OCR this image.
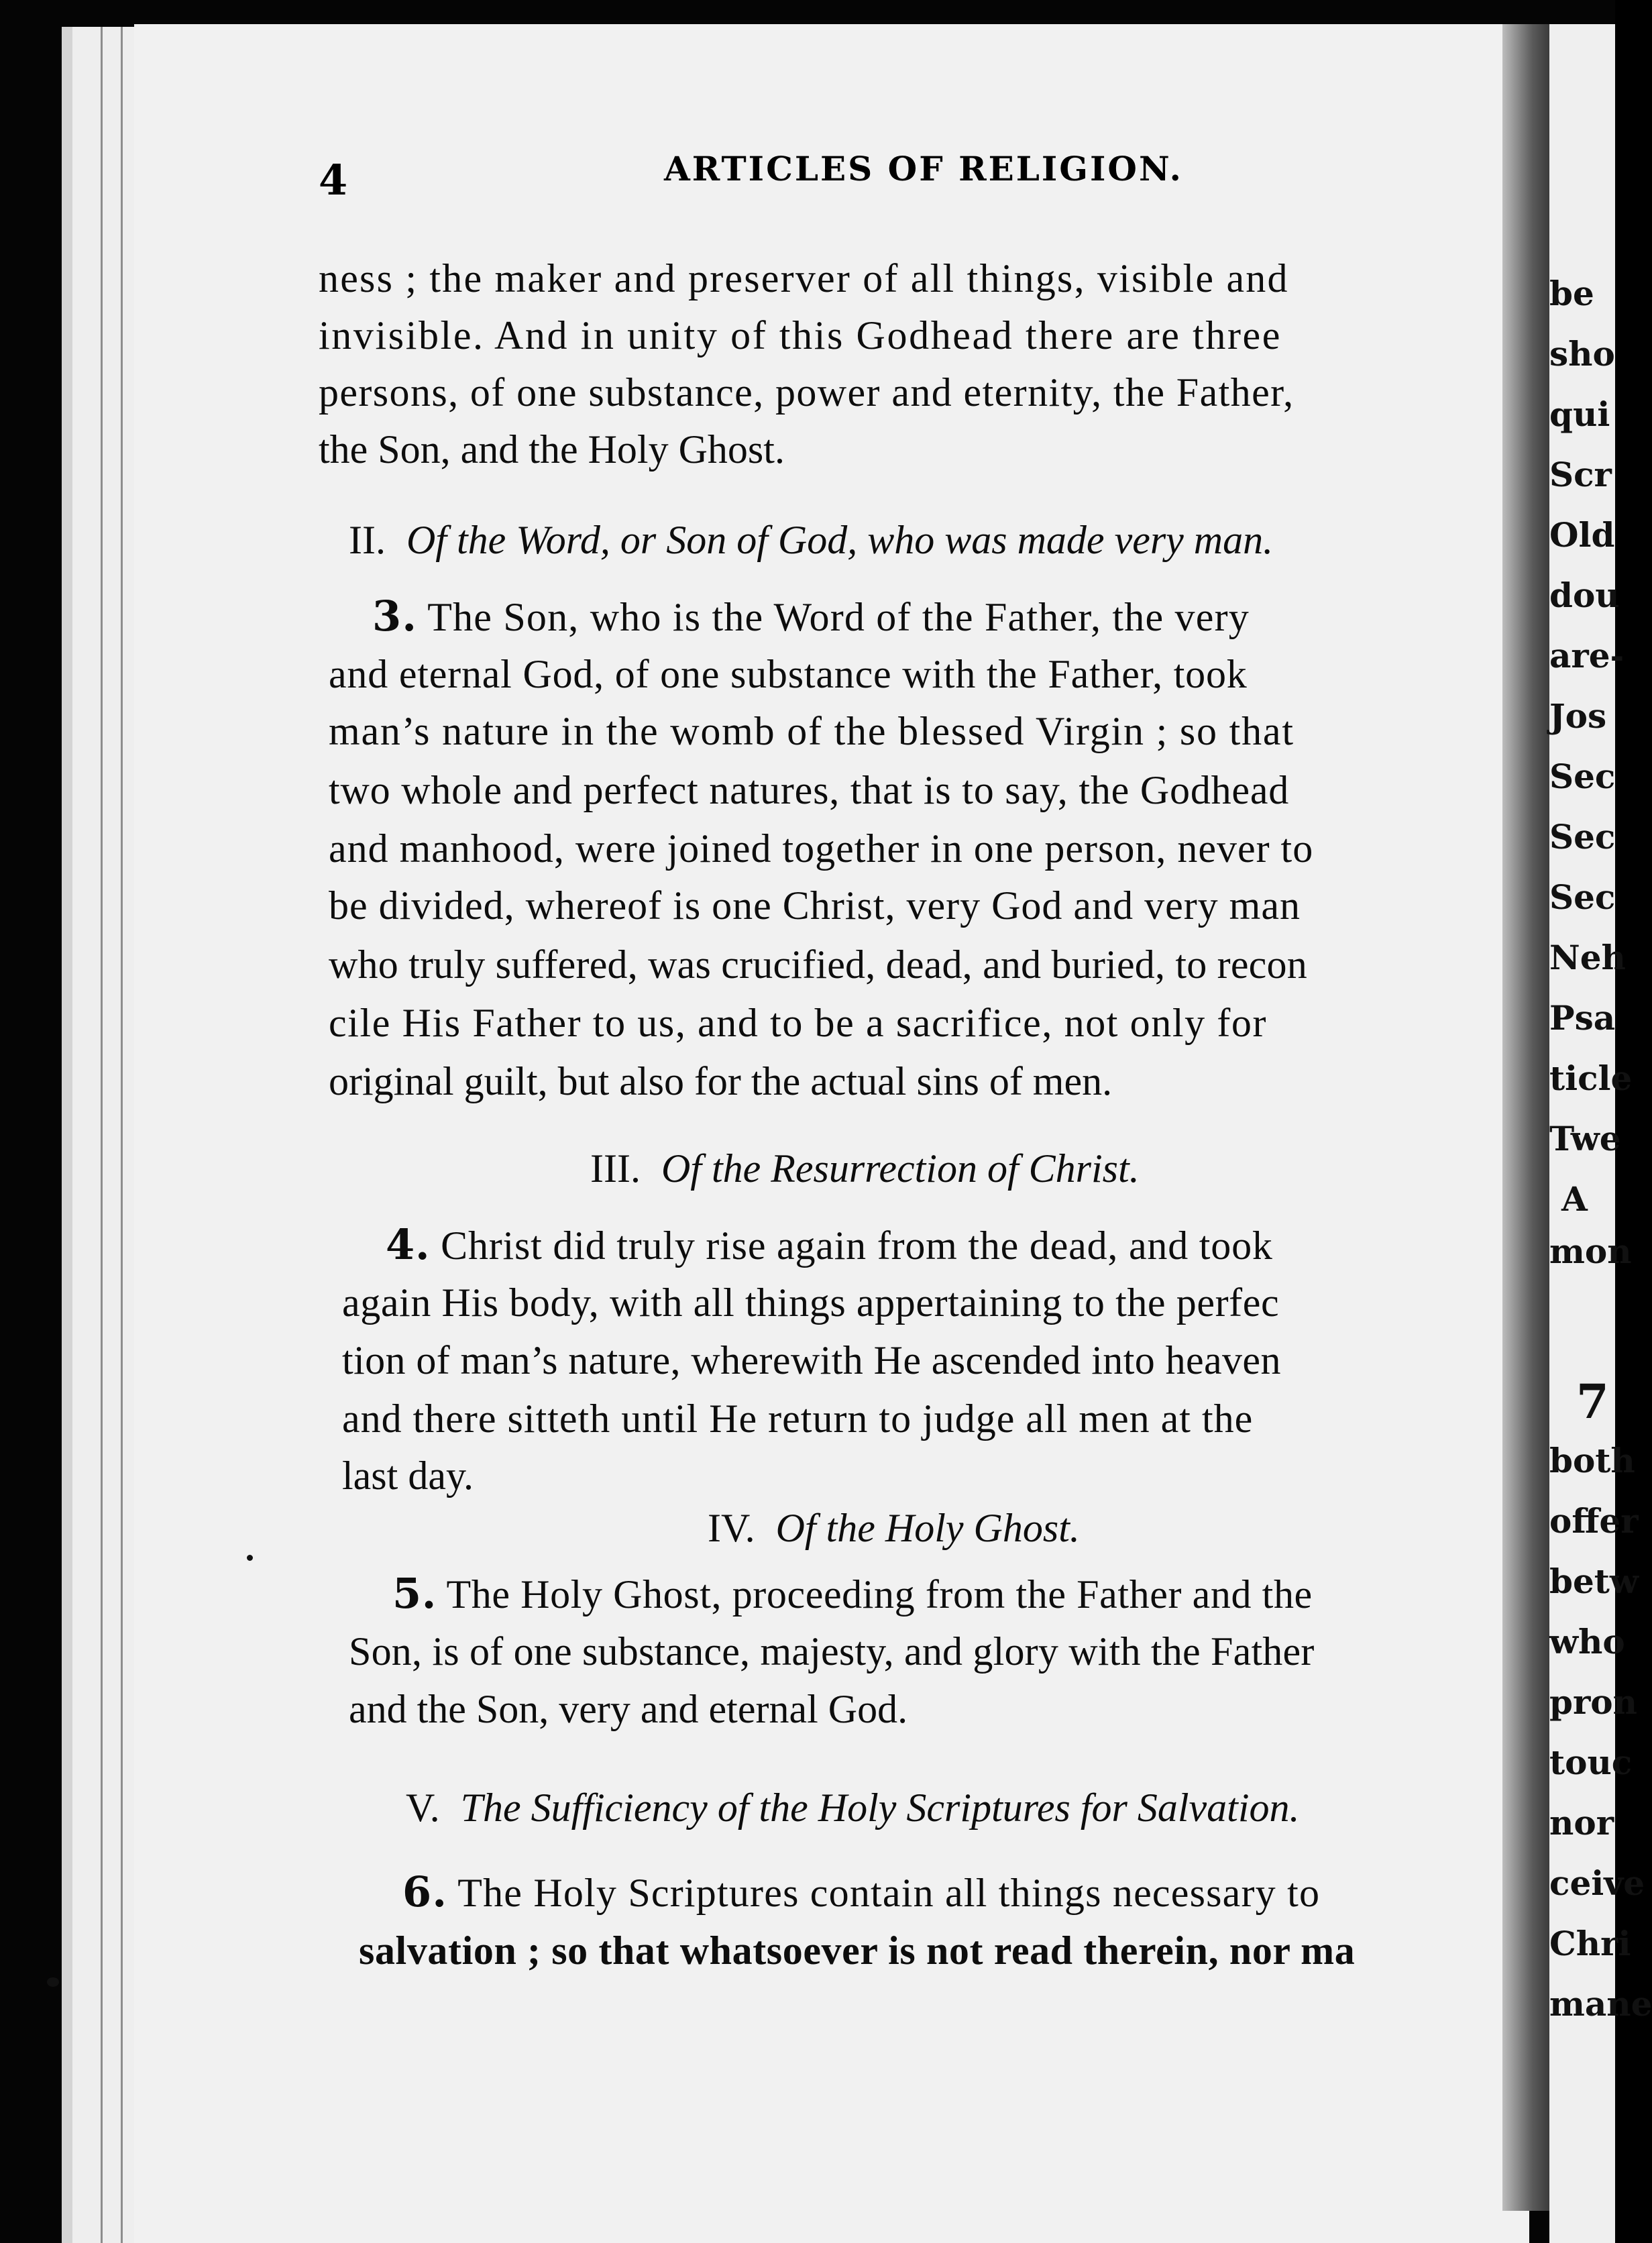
be
sho
qui
Scr
Old
dou
are-
Jos
Sec
Sec
Sec
Neh
Psa
ticle
Twe
A
mon
7
both
offer
betw
who
pron
touc
nor
ceive
Chri
mane
4	ARTICLES OF RELIGION.
ness ; the maker and preserver of all things, visible and
invisible. And in unity of this Godhead there are three
persons, of one substance, power and eternity, the Father,
the Son, and the Holy Ghost.
II. Of the Word, or Son of God, who was made very man.
3. The Son, who is the Word of the Father, the very
and eternal God, of one substance with the Father, took
man’s nature in the womb of the blessed Virgin ; so that
two whole and perfect natures, that is to say, the Godhead
and manhood, were joined together in one person, never to
be divided, whereof is one Christ, very God and very man
who truly suffered, was crucified, dead, and buried, to recon
cile His Father to us, and to be a sacrifice, not only for
original guilt, but also for the actual sins of men.
III. Of the Resurrection of Christ.
4. Christ did truly rise again from the dead, and took
again His body, with all things appertaining to the perfec
tion of man’s nature, wherewith He ascended into heaven
and there sitteth until He return to judge all men at the
last day.
IV. Of the Holy Ghost.
5. The Holy Ghost, proceeding from the Father and the
Son, is of one substance, majesty, and glory with the Father
and the Son, very and eternal God.
V. The Sufficiency of the Holy Scriptures for Salvation.
6. The Holy Scriptures contain all things necessary to
salvation ; so that whatsoever is not read therein, nor ma
